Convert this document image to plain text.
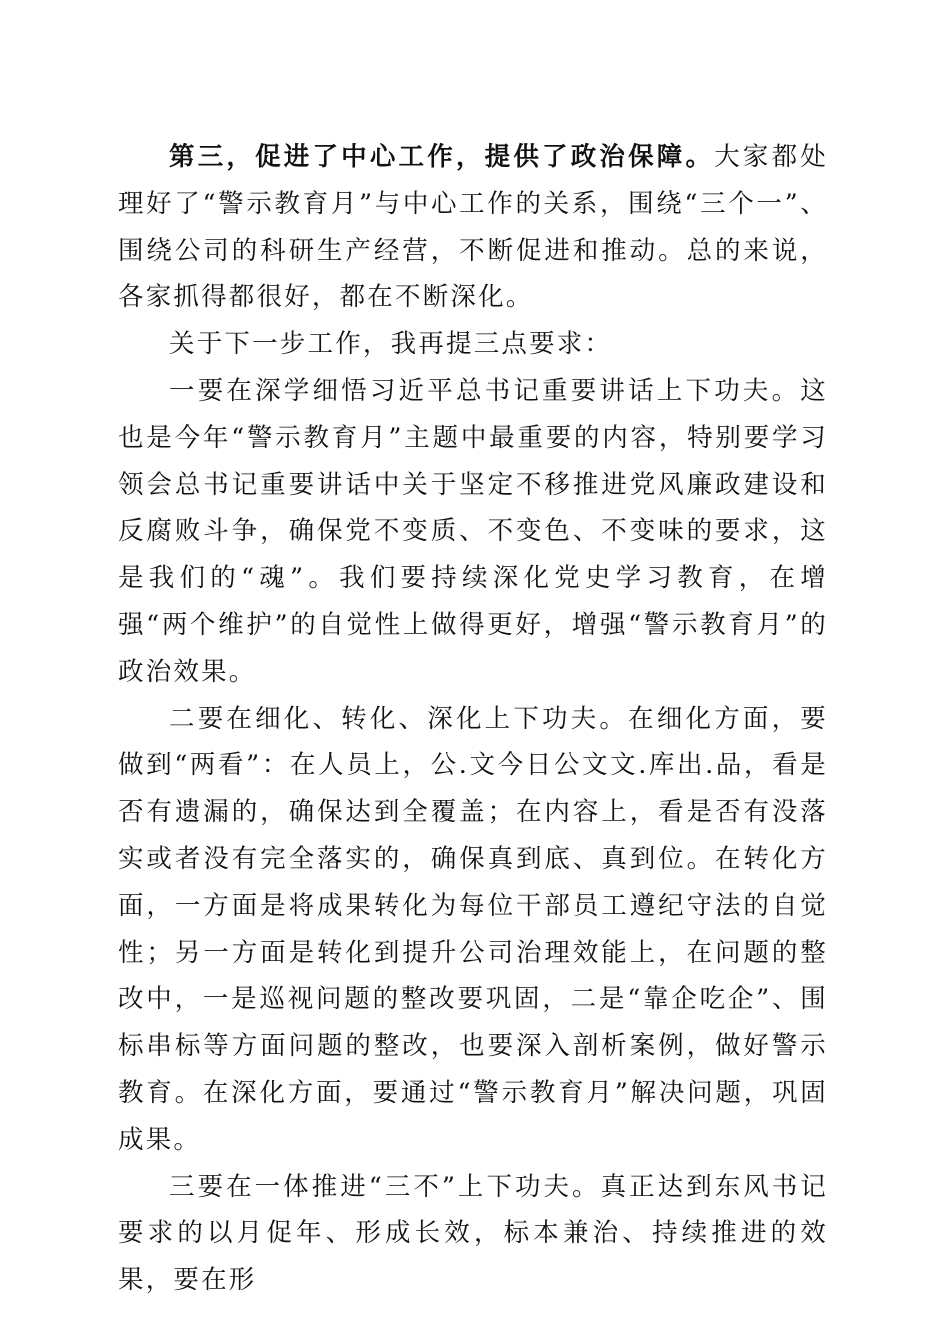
第三，促进了中心工作，提供了政治保障。大家都处理好了“警示教育月”与中心工作的关系，围绕“三个一”、围绕公司的科研生产经营，不断促进和推动。总的来说，各家抓得都很好，都在不断深化。

关于下一步工作，我再提三点要求：

一要在深学细悟习近平总书记重要讲话上下功夫。这也是今年“警示教育月”主题中最重要的内容，特别要学习领会总书记重要讲话中关于坚定不移推进党风廉政建设和反腐败斗争，确保党不变质、不变色、不变味的要求，这是我们的“魂”。我们要持续深化党史学习教育，在增强“两个维护”的自觉性上做得更好，增强“警示教育月”的政治效果。

二要在细化、转化、深化上下功夫。在细化方面，要做到“两看”：在人员上，公.文今日公文文.库出.品，看是否有遗漏的，确保达到全覆盖；在内容上，看是否有没落实或者没有完全落实的，确保真到底、真到位。在转化方面，一方面是将成果转化为每位干部员工遵纪守法的自觉性；另一方面是转化到提升公司治理效能上，在问题的整改中，一是巡视问题的整改要巩固，二是“靠企吃企”、围标串标等方面问题的整改，也要深入剖析案例，做好警示教育。在深化方面，要通过“警示教育月”解决问题，巩固成果。

三要在一体推进“三不”上下功夫。真正达到东风书记要求的以月促年、形成长效，标本兼治、持续推进的效果，要在形
